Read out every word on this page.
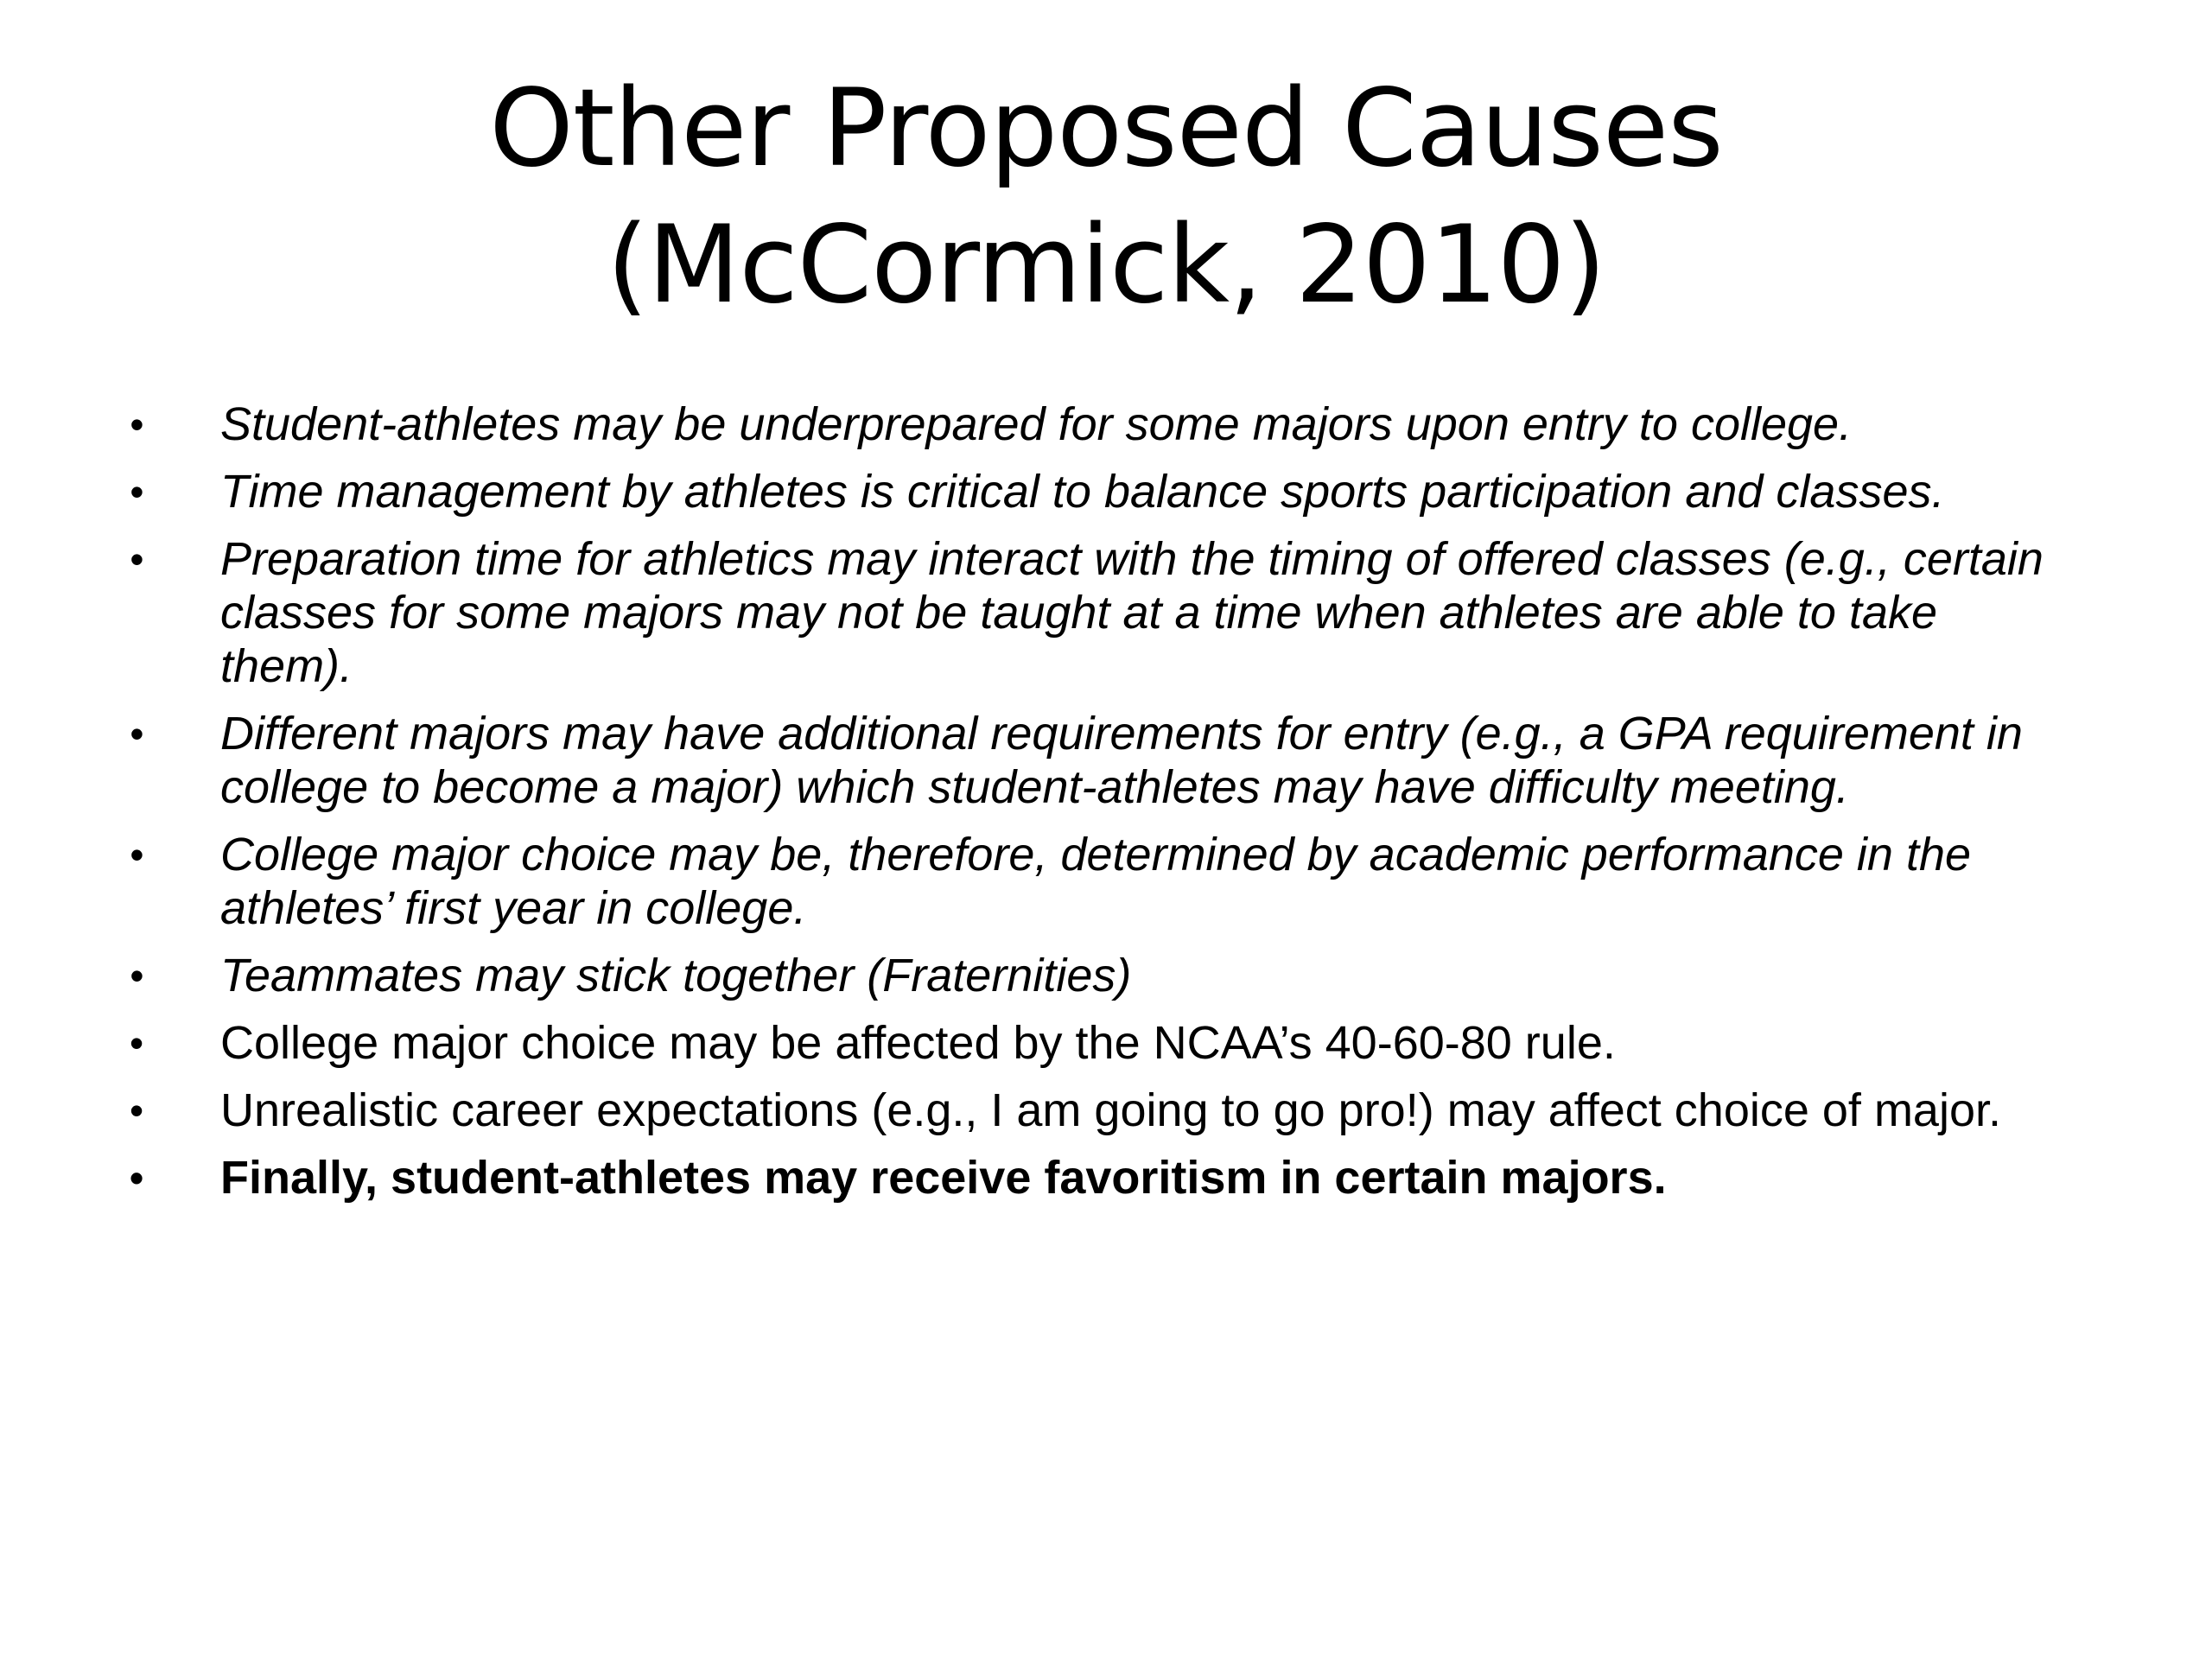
Other Proposed Causes (McCormick, 2010)
•	Student-athletes may be underprepared for some majors upon entry to college.
•	Time management by athletes is critical to balance sports participation and classes.
•	Preparation time for athletics may interact with the timing of offered classes (e.g., certain classes for some majors may not be taught at a time when athletes are able to take them).
•	Different majors may have additional requirements for entry (e.g., a GPA requirement in college to become a major) which student-athletes may have difficulty meeting.
•	College major choice may be, therefore, determined by academic performance in the athletes’ first year in college.
•	Teammates may stick together (Fraternities)
•	College major choice may be affected by the NCAA’s 40-60-80 rule.
•	Unrealistic career expectations (e.g., I am going to go pro!) may affect choice of major.
•	Finally, student-athletes may receive favoritism in certain majors.
